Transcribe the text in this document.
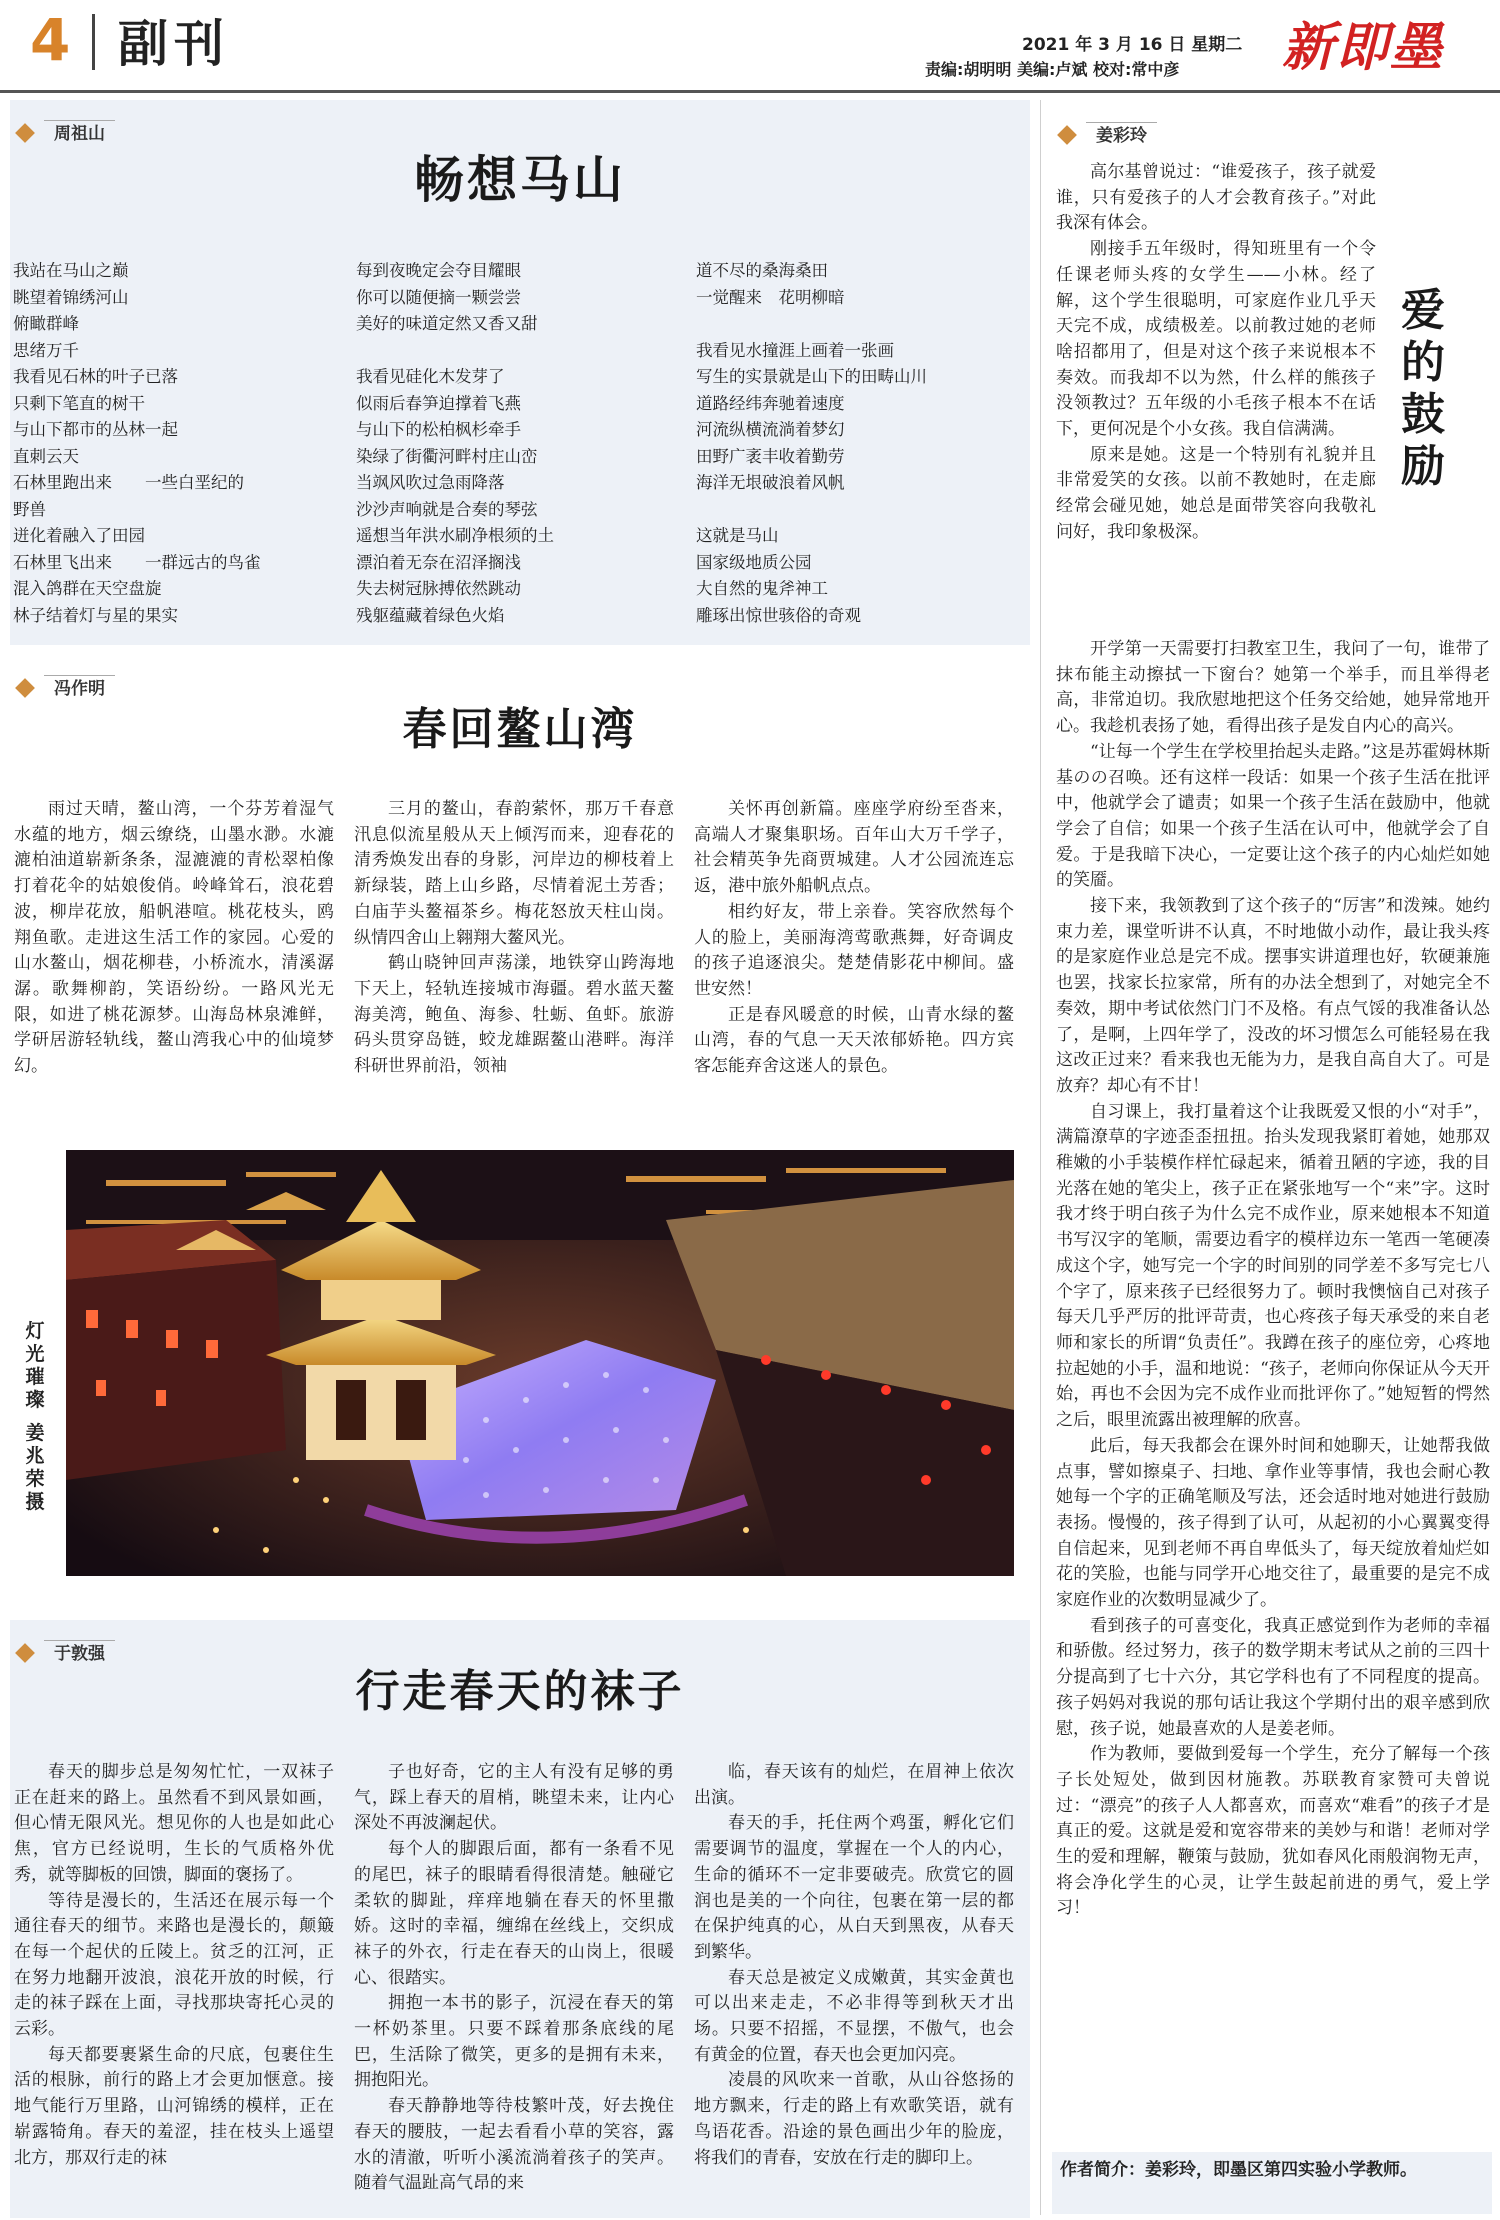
4 副刊	2021 年 3 月 16 日 星期二
责编:胡明明 美编:卢斌 校对:常中彦 新即墨
周祖山
畅想马山
我站在马山之巅
眺望着锦绣河山
俯瞰群峰
思绪万千
我看见石林的叶子已落
只剩下笔直的树干
与山下都市的丛林一起
直刺云天
石林里跑出来　　一些白垩纪的
野兽
迸化着融入了田园
石林里飞出来　　一群远古的鸟雀
混入鸽群在天空盘旋
林子结着灯与星的果实
每到夜晚定会夺目耀眼
你可以随便摘一颗尝尝
美好的味道定然又香又甜

我看见硅化木发芽了
似雨后春笋迫撑着飞燕
与山下的松柏枫杉牵手
染绿了街衢河畔村庄山峦
当飒风吹过急雨降落
沙沙声响就是合奏的琴弦
遥想当年洪水刷净根须的土
漂泊着无奈在沼泽搁浅
失去树冠脉搏依然跳动
残躯蕴藏着绿色火焰
道不尽的桑海桑田
一觉醒来　花明柳暗

我看见水撞涯上画着一张画
写生的实景就是山下的田畴山川
道路经纬奔驰着速度
河流纵横流淌着梦幻
田野广袤丰收着勤劳
海洋无垠破浪着风帆

这就是马山
国家级地质公园
大自然的鬼斧神工
雕琢出惊世骇俗的奇观
冯作明
春回鳌山湾

雨过天晴，鳌山湾，一个芬芳着湿气水蕴的地方，烟云缭绕，山墨水渺。水漉漉柏油道崭新条条，湿漉漉的青松翠柏像打着花伞的姑娘俊俏。岭峰耸石，浪花碧波，柳岸花放，船帆港喧。桃花枝头，鸥翔鱼歌。走进这生活工作的家园。心爱的山水鳌山，烟花柳巷，小桥流水，清溪潺潺。歌舞柳韵，笑语纷纷。一路风光无限，如进了桃花源梦。山海岛林泉滩鲜，学研居游轻轨线，鳌山湾我心中的仙境梦幻。

三月的鳌山，春韵萦怀，那万千春意汛息似流星般从天上倾泻而来，迎春花的清秀焕发出春的身影，河岸边的柳枝着上新绿装，踏上山乡路，尽情着泥土芳香；白庙芋头鳌福茶乡。梅花怒放天柱山岗。纵情四舍山上翱翔大鳌风光。

鹤山晓钟回声荡漾，地铁穿山跨海地下天上，轻轨连接城市海疆。碧水蓝天鳌海美湾，鲍鱼、海参、牡蛎、鱼虾。旅游码头贯穿岛链，蛟龙雄踞鳌山港畔。海洋科研世界前沿，领袖

关怀再创新篇。座座学府纷至沓来，高端人才聚集职场。百年山大万千学子，社会精英争先商贾城建。人才公园流连忘返，港中旅外船帆点点。

相约好友，带上亲眷。笑容欣然每个人的脸上，美丽海湾莺歌燕舞，好奇调皮的孩子追逐浪尖。楚楚倩影花中柳间。盛世安然！

正是春风暖意的时候，山青水绿的鳌山湾，春的气息一天天浓郁娇艳。四方宾客怎能弃舍这迷人的景色。

灯光璀璨
姜兆荣　摄
于敦强
行走春天的袜子

春天的脚步总是匆匆忙忙，一双袜子正在赶来的路上。虽然看不到风景如画，但心情无限风光。想见你的人也是如此心焦，官方已经说明，生长的气质格外优秀，就等脚板的回馈，脚面的褒扬了。

等待是漫长的，生活还在展示每一个通往春天的细节。来路也是漫长的，颠簸在每一个起伏的丘陵上。贫乏的江河，正在努力地翻开波浪，浪花开放的时候，行走的袜子踩在上面，寻找那块寄托心灵的云彩。

每天都要裹紧生命的尺底，包裹住生活的根脉，前行的路上才会更加惬意。接地气能行万里路，山河锦绣的模样，正在崭露犄角。春天的羞涩，挂在枝头上遥望北方，那双行走的袜

子也好奇，它的主人有没有足够的勇气，踩上春天的眉梢，眺望未来，让内心深处不再波澜起伏。

每个人的脚跟后面，都有一条看不见的尾巴，袜子的眼睛看得很清楚。触碰它柔软的脚趾，痒痒地躺在春天的怀里撒娇。这时的幸福，缠绵在丝线上，交织成袜子的外衣，行走在春天的山岗上，很暖心、很踏实。

拥抱一本书的影子，沉浸在春天的第一杯奶茶里。只要不踩着那条底线的尾巴，生活除了微笑，更多的是拥有未来，拥抱阳光。

春天静静地等待枝繁叶茂，好去挽住春天的腰肢，一起去看看小草的笑容，露水的清澈，听听小溪流淌着孩子的笑声。随着气温趾高气昂的来

临，春天该有的灿烂，在眉神上依次出演。

春天的手，托住两个鸡蛋，孵化它们需要调节的温度，掌握在一个人的内心，生命的循环不一定非要破壳。欣赏它的圆润也是美的一个向往，包裹在第一层的都在保护纯真的心，从白天到黑夜，从春天到繁华。

春天总是被定义成嫩黄，其实金黄也可以出来走走，不必非得等到秋天才出场。只要不招摇，不显摆，不傲气，也会有黄金的位置，春天也会更加闪亮。

凌晨的风吹来一首歌，从山谷悠扬的地方飘来，行走的路上有欢歌笑语，就有鸟语花香。沿途的景色画出少年的脸庞，将我们的青春，安放在行走的脚印上。

姜彩玲
爱的鼓励

高尔基曾说过：“谁爱孩子，孩子就爱谁，只有爱孩子的人才会教育孩子。”对此我深有体会。

刚接手五年级时，得知班里有一个令任课老师头疼的女学生——小林。经了解，这个学生很聪明，可家庭作业几乎天天完不成，成绩极差。以前教过她的老师啥招都用了，但是对这个孩子来说根本不奏效。而我却不以为然，什么样的熊孩子没领教过？五年级的小毛孩子根本不在话下，更何况是个小女孩。我自信满满。

原来是她。这是一个特别有礼貌并且非常爱笑的女孩。以前不教她时，在走廊经常会碰见她，她总是面带笑容向我敬礼问好，我印象极深。

开学第一天需要打扫教室卫生，我问了一句，谁带了抹布能主动擦拭一下窗台？她第一个举手，而且举得老高，非常迫切。我欣慰地把这个任务交给她，她异常地开心。我趁机表扬了她，看得出孩子是发自内心的高兴。

“让每一个学生在学校里抬起头走路。”这是苏霍姆林斯基のの召唤。还有这样一段话：如果一个孩子生活在批评中，他就学会了谴责；如果一个孩子生活在鼓励中，他就学会了自信；如果一个孩子生活在认可中，他就学会了自爱。于是我暗下决心，一定要让这个孩子的内心灿烂如她的笑靥。

接下来，我领教到了这个孩子的“厉害”和泼辣。她约束力差，课堂听讲不认真，不时地做小动作，最让我头疼的是家庭作业总是完不成。摆事实讲道理也好，软硬兼施也罢，找家长拉家常，所有的办法全想到了，对她完全不奏效，期中考试依然门门不及格。有点气馁的我准备认怂了，是啊，上四年学了，没改的坏习惯怎么可能轻易在我这改正过来？看来我也无能为力，是我自高自大了。可是放弃？却心有不甘！

自习课上，我打量着这个让我既爱又恨的小“对手”，满篇潦草的字迹歪歪扭扭。抬头发现我紧盯着她，她那双稚嫩的小手装模作样忙碌起来，循着丑陋的字迹，我的目光落在她的笔尖上，孩子正在紧张地写一个“来”字。这时我才终于明白孩子为什么完不成作业，原来她根本不知道书写汉字的笔顺，需要边看字的模样边东一笔西一笔硬凑成这个字，她写完一个字的时间别的同学差不多写完七八个字了，原来孩子已经很努力了。顿时我懊恼自己对孩子每天几乎严厉的批评苛责，也心疼孩子每天承受的来自老师和家长的所谓“负责任”。我蹲在孩子的座位旁，心疼地拉起她的小手，温和地说：“孩子，老师向你保证从今天开始，再也不会因为完不成作业而批评你了。”她短暂的愕然之后，眼里流露出被理解的欣喜。

此后，每天我都会在课外时间和她聊天，让她帮我做点事，譬如擦桌子、扫地、拿作业等事情，我也会耐心教她每一个字的正确笔顺及写法，还会适时地对她进行鼓励表扬。慢慢的，孩子得到了认可，从起初的小心翼翼变得自信起来，见到老师不再自卑低头了，每天绽放着灿烂如花的笑脸，也能与同学开心地交往了，最重要的是完不成家庭作业的次数明显减少了。

看到孩子的可喜变化，我真正感觉到作为老师的幸福和骄傲。经过努力，孩子的数学期末考试从之前的三四十分提高到了七十六分，其它学科也有了不同程度的提高。孩子妈妈对我说的那句话让我这个学期付出的艰辛感到欣慰，孩子说，她最喜欢的人是姜老师。

作为教师，要做到爱每一个学生，充分了解每一个孩子长处短处，做到因材施教。苏联教育家赞可夫曾说过：“漂亮”的孩子人人都喜欢，而喜欢“难看”的孩子才是真正的爱。这就是爱和宽容带来的美妙与和谐！老师对学生的爱和理解，鞭策与鼓励，犹如春风化雨般润物无声，将会净化学生的心灵，让学生鼓起前进的勇气，爱上学习！

作者简介：姜彩玲，即墨区第四实验小学教师。
